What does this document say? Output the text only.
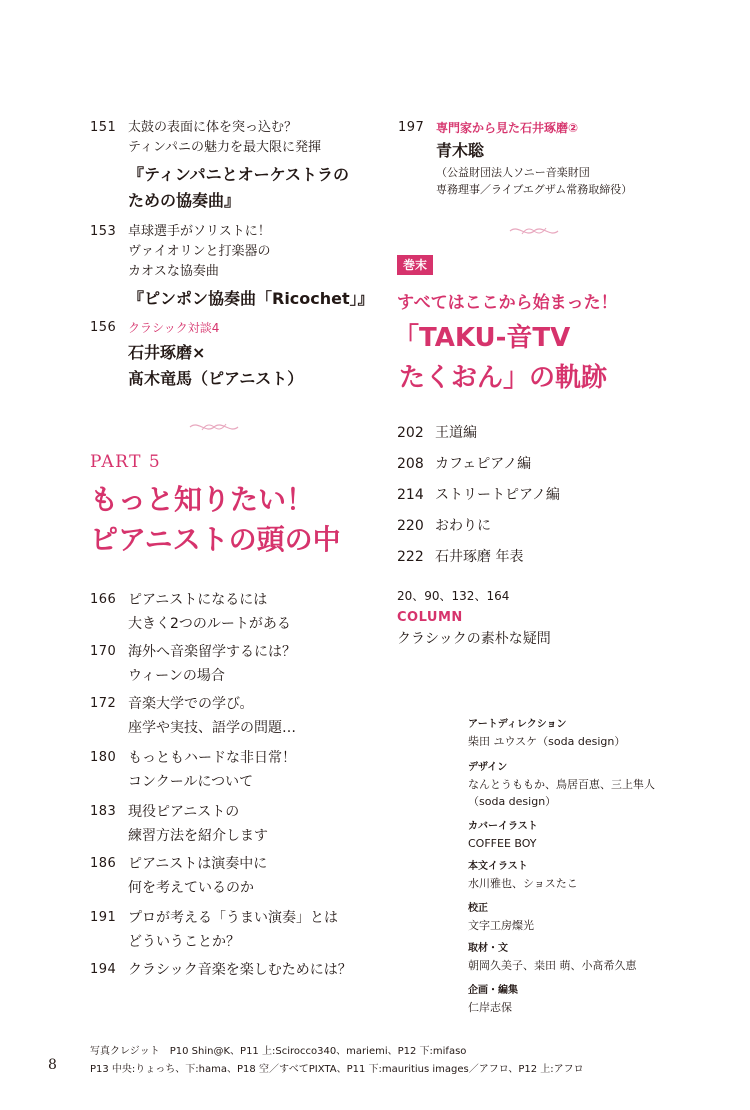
151 太鼓の表面に体を突っ込む？
ティンパニの魅力を最大限に発揮
『ティンパニとオーケストラの
ための協奏曲』
153 卓球選手がソリストに！
ヴァイオリンと打楽器の
カオスな協奏曲
『ピンポン協奏曲「Ricochet」』
156 クラシック対談4
石井琢磨×
髙木竜馬（ピアニスト）
PART 5
もっと知りたい！
ピアニストの頭の中
166 ピアニストになるには
大きく2つのルートがある
170 海外へ音楽留学するには？
ウィーンの場合
172 音楽大学での学び。
座学や実技、語学の問題…
180 もっともハードな非日常！
コンクールについて
183 現役ピアニストの
練習方法を紹介します
186 ピアニストは演奏中に
何を考えているのか
191 プロが考える「うまい演奏」とは
どういうことか？
194 クラシック音楽を楽しむためには？
197 専門家から見た石井琢磨②
青木聡
（公益財団法人ソニー音楽財団
専務理事／ライブエグザム常務取締役）
巻末
すべてはここから始まった！
「TAKU-音TV
たくおん」の軌跡
202 王道編
208 カフェピアノ編
214 ストリートピアノ編
220 おわりに
222 石井琢磨 年表
20、90、132、164
COLUMN
クラシックの素朴な疑問
アートディレクション
柴田 ユウスケ（soda design）
デザイン
なんとうももか、鳥居百恵、三上隼人
（soda design）
カバーイラスト
COFFEE BOY
本文イラスト
水川雅也、ショスたこ
校正
文字工房燦光
取材・文
朝岡久美子、桒田 萌、小髙希久恵
企画・編集
仁岸志保
8
写真クレジット　P10 Shin@K、P11 上:Scirocco340、mariemi、P12 下:mifaso
P13 中央:りょっち、下:hama、P18 空／すべてPIXTA、P11 下:mauritius images／アフロ、P12 上:アフロ
